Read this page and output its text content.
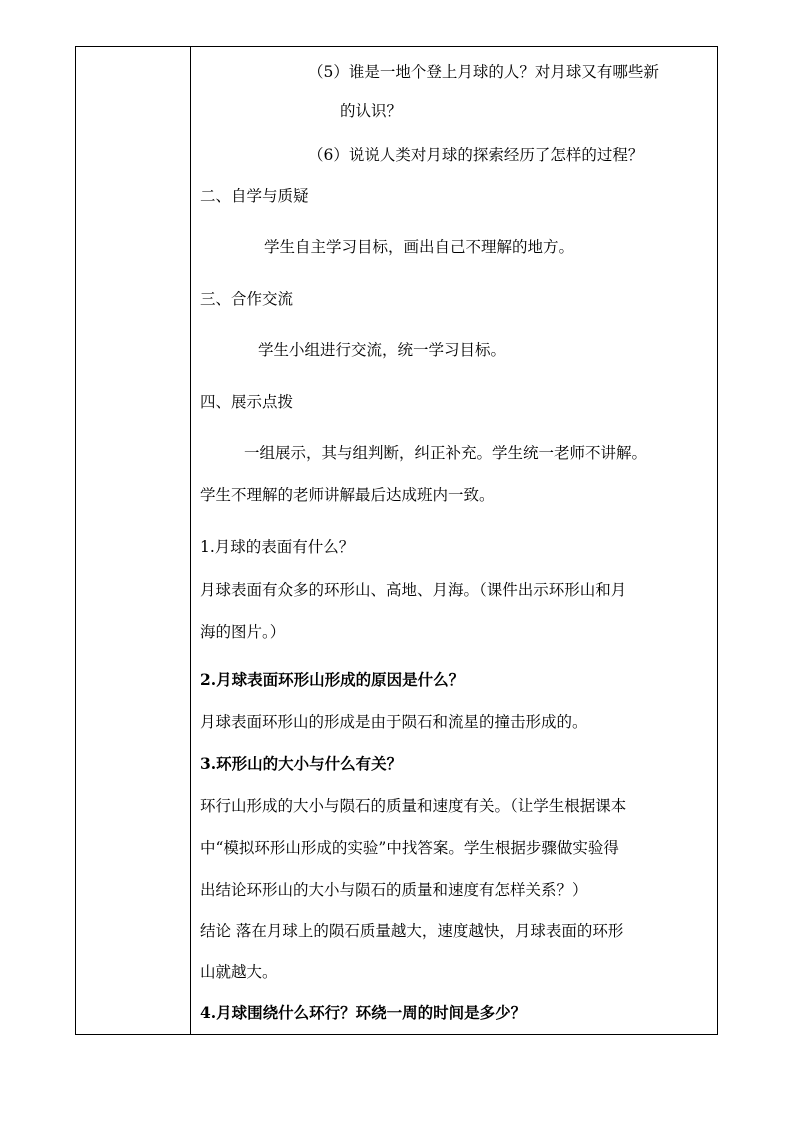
（5）谁是一地个登上月球的人？对月球又有哪些新
的认识？
（6）说说人类对月球的探索经历了怎样的过程？
二、自学与质疑
学生自主学习目标，画出自己不理解的地方。
三、合作交流
学生小组进行交流，统一学习目标。
四、展示点拨
一组展示，其与组判断，纠正补充。学生统一老师不讲解。
学生不理解的老师讲解最后达成班内一致。
1.月球的表面有什么？
月球表面有众多的环形山、高地、月海。（课件出示环形山和月
海的图片。）
2.月球表面环形山形成的原因是什么？
月球表面环形山的形成是由于陨石和流星的撞击形成的。
3.环形山的大小与什么有关？
环行山形成的大小与陨石的质量和速度有关。（让学生根据课本
中“模拟环形山形成的实验”中找答案。学生根据步骤做实验得
出结论环形山的大小与陨石的质量和速度有怎样关系？）
结论 落在月球上的陨石质量越大，速度越快，月球表面的环形
山就越大。
4.月球围绕什么环行？环绕一周的时间是多少？
